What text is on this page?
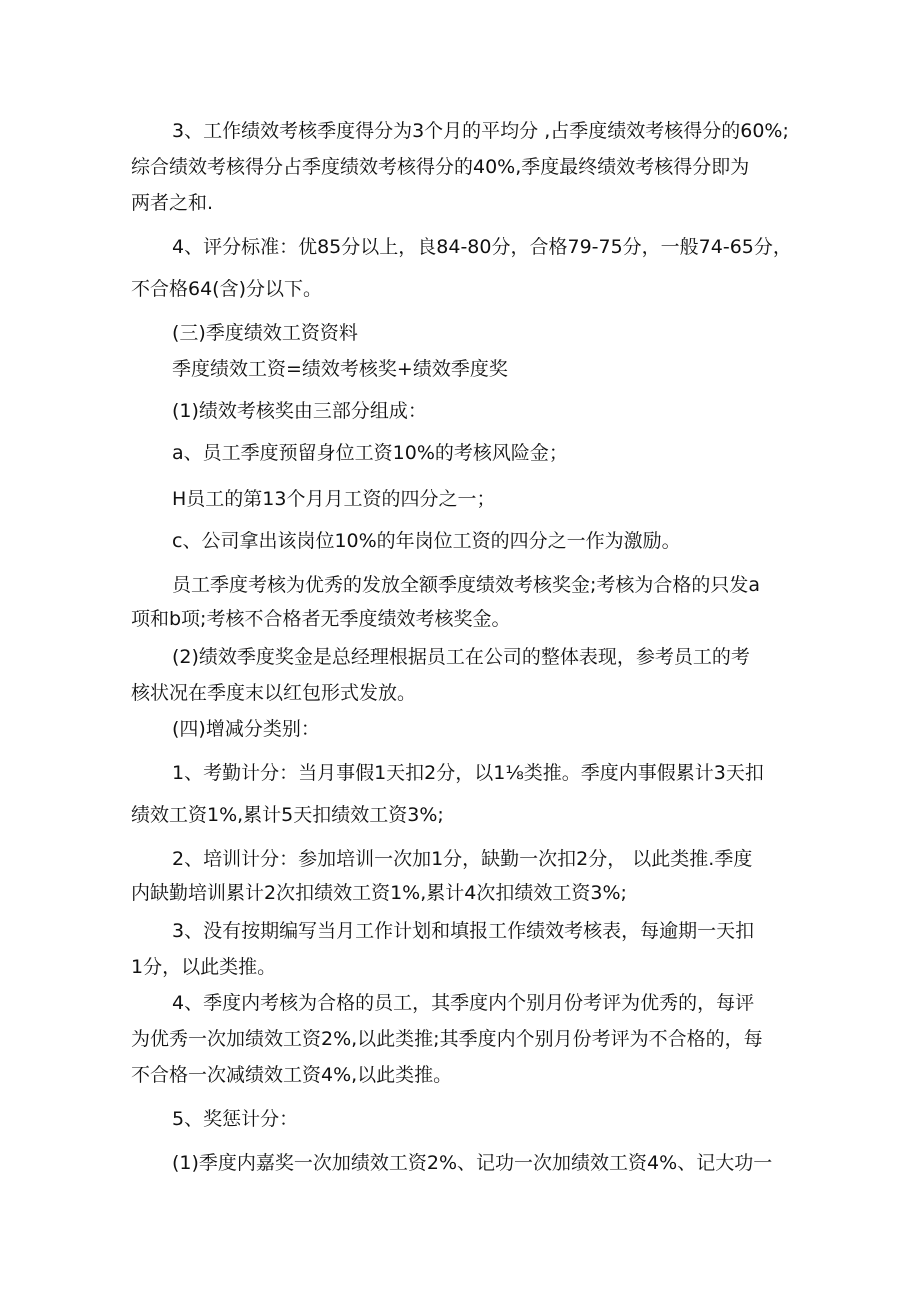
3、工作绩效考核季度得分为3个月的平均分 ,占季度绩效考核得分的60%;
综合绩效考核得分占季度绩效考核得分的40%,季度最终绩效考核得分即为
两者之和.
4、评分标准：优85分以上，良84-80分，合格79-75分，一般74-65分，
不合格64(含)分以下。
(三)季度绩效工资资料
季度绩效工资=绩效考核奖+绩效季度奖
(1)绩效考核奖由三部分组成：
a、员工季度预留身位工资10%的考核风险金；
H员工的第13个月月工资的四分之一；
c、公司拿出该岗位10%的年岗位工资的四分之一作为激励。
员工季度考核为优秀的发放全额季度绩效考核奖金;考核为合格的只发a
项和b项;考核不合格者无季度绩效考核奖金。
(2)绩效季度奖金是总经理根据员工在公司的整体表现，参考员工的考
核状况在季度末以红包形式发放。
(四)增减分类别：
1、考勤计分：当月事假1天扣2分，以1⅛类推。季度内事假累计3天扣
绩效工资1%,累计5天扣绩效工资3%;
2、培训计分：参加培训一次加1分，缺勤一次扣2分， 以此类推.季度
内缺勤培训累计2次扣绩效工资1%,累计4次扣绩效工资3%;
3、没有按期编写当月工作计划和填报工作绩效考核表，每逾期一天扣
1分，以此类推。
4、季度内考核为合格的员工，其季度内个别月份考评为优秀的，每评
为优秀一次加绩效工资2%,以此类推;其季度内个别月份考评为不合格的，每
不合格一次减绩效工资4%,以此类推。
5、奖惩计分：
(1)季度内嘉奖一次加绩效工资2%、记功一次加绩效工资4%、记大功一
